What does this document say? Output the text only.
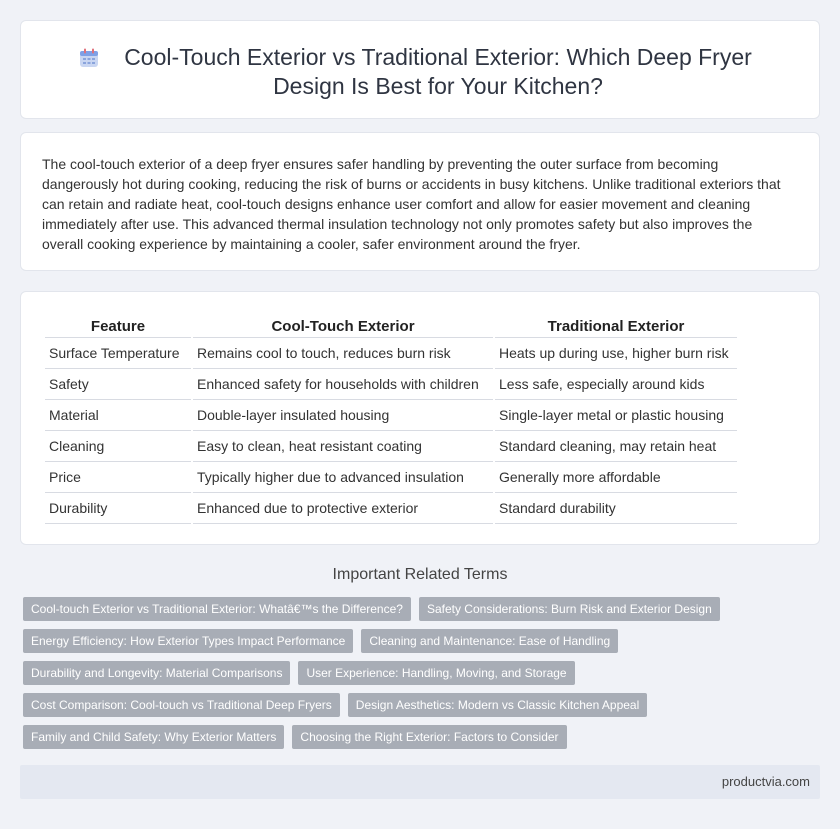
Cool-Touch Exterior vs Traditional Exterior: Which Deep Fryer Design Is Best for Your Kitchen?

The cool-touch exterior of a deep fryer ensures safer handling by preventing the outer surface from becoming dangerously hot during cooking, reducing the risk of burns or accidents in busy kitchens. Unlike traditional exteriors that can retain and radiate heat, cool-touch designs enhance user comfort and allow for easier movement and cleaning immediately after use. This advanced thermal insulation technology not only promotes safety but also improves the overall cooking experience by maintaining a cooler, safer environment around the fryer.

Feature	Cool-Touch Exterior	Traditional Exterior
Surface Temperature	Remains cool to touch, reduces burn risk	Heats up during use, higher burn risk
Safety	Enhanced safety for households with children	Less safe, especially around kids
Material	Double-layer insulated housing	Single-layer metal or plastic housing
Cleaning	Easy to clean, heat resistant coating	Standard cleaning, may retain heat
Price	Typically higher due to advanced insulation	Generally more affordable
Durability	Enhanced due to protective exterior	Standard durability
Important Related Terms
Cool-touch Exterior vs Traditional Exterior: Whatâ€™s the Difference?	Safety Considerations: Burn Risk and Exterior Design
Energy Efficiency: How Exterior Types Impact Performance	Cleaning and Maintenance: Ease of Handling
Durability and Longevity: Material Comparisons	User Experience: Handling, Moving, and Storage
Cost Comparison: Cool-touch vs Traditional Deep Fryers	Design Aesthetics: Modern vs Classic Kitchen Appeal
Family and Child Safety: Why Exterior Matters	Choosing the Right Exterior: Factors to Consider
productvia.com
